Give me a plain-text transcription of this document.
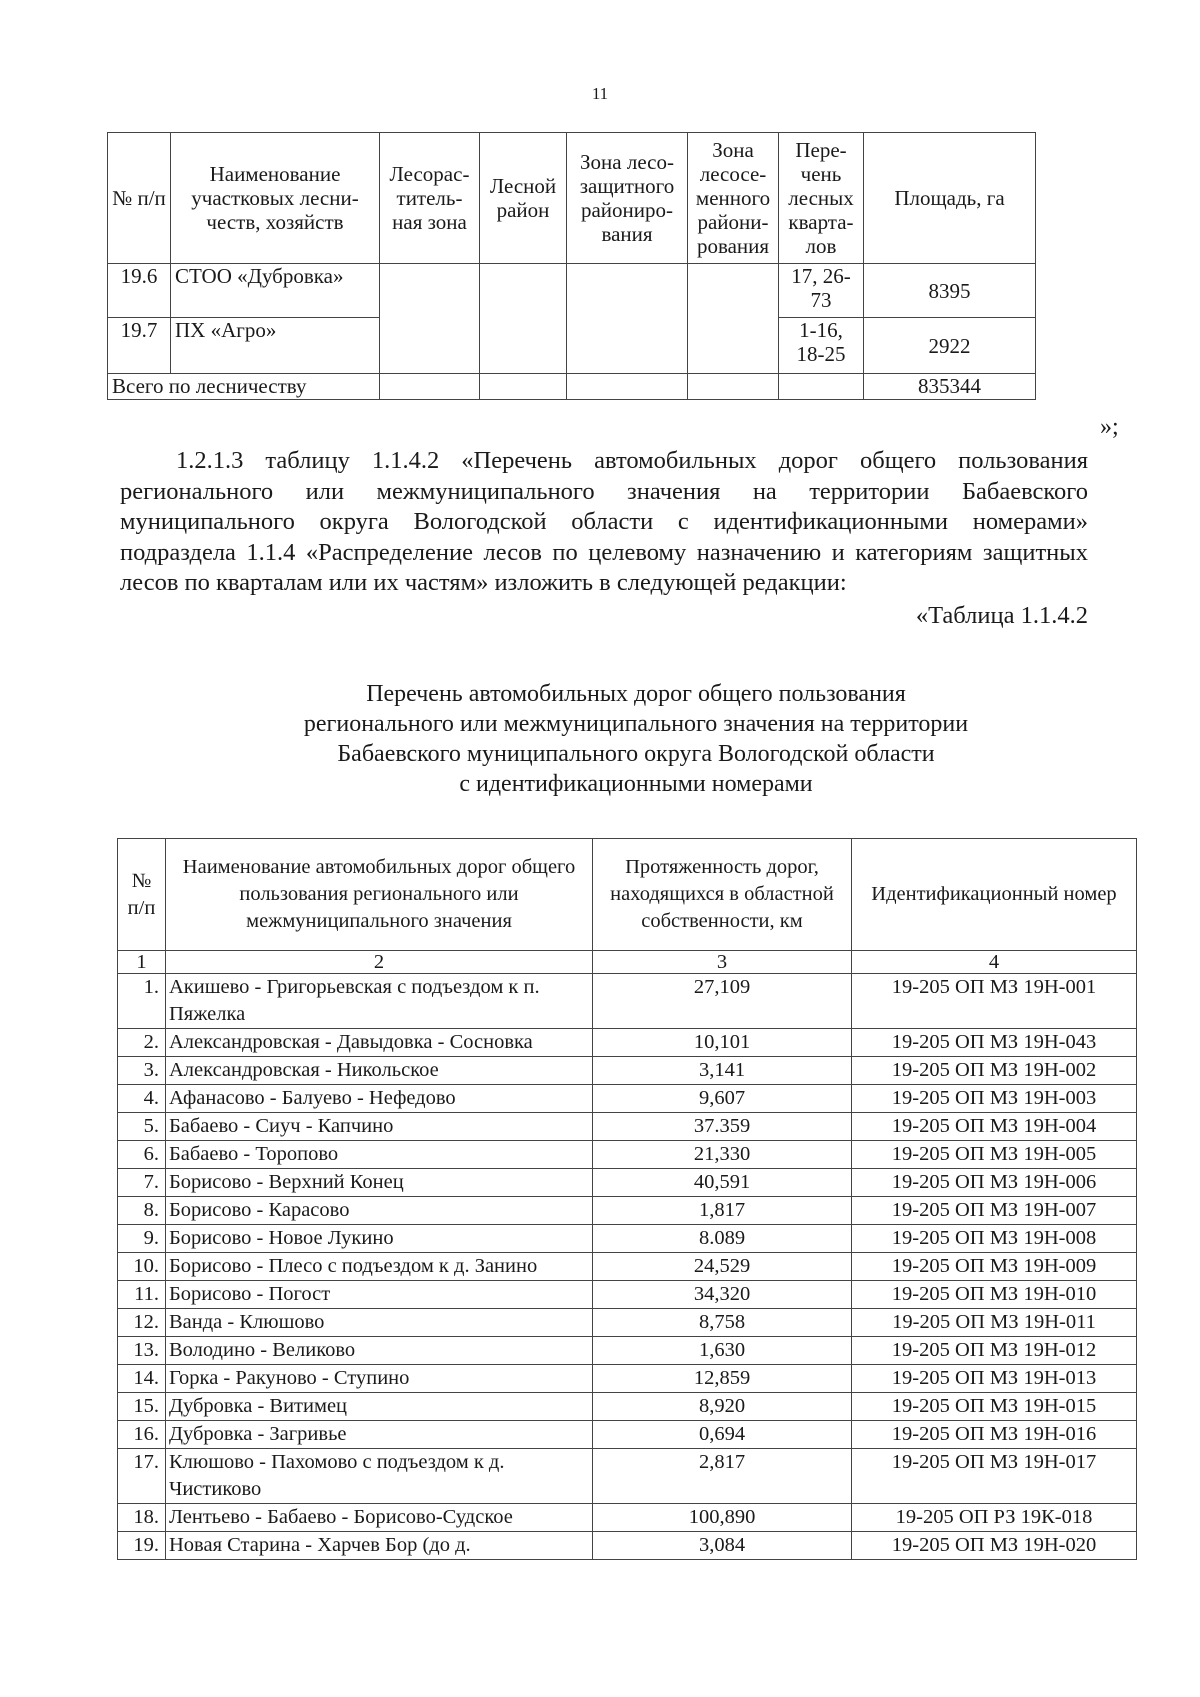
11
№ п/п	Наименование участковых лесни-честв, хозяйств	Лесорас-титель-ная зона	Лесной район	Зона лесо-защитного райониро-вания	Зона лесосе-менного райони-рования	Пере-чень лесных кварта-лов	Площадь, га
19.6	СТОО «Дубровка»					17, 26-73	8395
19.7	ПХ «Агро»					1-16, 18-25	2922
Всего по лесничеству							835344
»;
1.2.1.3 таблицу 1.1.4.2 «Перечень автомобильных дорог общего пользования регионального или межмуниципального значения на территории Бабаевского муниципального округа Вологодской области с идентификационными номерами» подраздела 1.1.4 «Распределение лесов по целевому назначению и категориям защитных лесов по кварталам или их частям» изложить в следующей редакции:
«Таблица 1.1.4.2
Перечень автомобильных дорог общего пользования
регионального или межмуниципального значения на территории
Бабаевского муниципального округа Вологодской области
с идентификационными номерами
№ п/п	Наименование автомобильных дорог общего пользования регионального или межмуниципального значения	Протяженность дорог, находящихся в областной собственности, км	Идентификационный номер
1	2	3	4
1.	Акишево - Григорьевская с подъездом к п. Пяжелка	27,109	19-205 ОП МЗ 19Н-001
2.	Александровская - Давыдовка - Сосновка	10,101	19-205 ОП МЗ 19Н-043
3.	Александровская - Никольское	3,141	19-205 ОП МЗ 19Н-002
4.	Афанасово - Балуево - Нефедово	9,607	19-205 ОП МЗ 19Н-003
5.	Бабаево - Сиуч - Капчино	37.359	19-205 ОП МЗ 19Н-004
6.	Бабаево - Торопово	21,330	19-205 ОП МЗ 19Н-005
7.	Борисово - Верхний Конец	40,591	19-205 ОП МЗ 19Н-006
8.	Борисово - Карасово	1,817	19-205 ОП МЗ 19Н-007
9.	Борисово - Новое Лукино	8.089	19-205 ОП МЗ 19Н-008
10.	Борисово - Плесо с подъездом к д. Занино	24,529	19-205 ОП МЗ 19Н-009
11.	Борисово - Погост	34,320	19-205 ОП МЗ 19Н-010
12.	Ванда - Клюшово	8,758	19-205 ОП МЗ 19Н-011
13.	Володино - Великово	1,630	19-205 ОП МЗ 19Н-012
14.	Горка - Ракуново - Ступино	12,859	19-205 ОП МЗ 19Н-013
15.	Дубровка - Витимец	8,920	19-205 ОП МЗ 19Н-015
16.	Дубровка - Загривье	0,694	19-205 ОП МЗ 19Н-016
17.	Клюшово - Пахомово с подъездом к д. Чистиково	2,817	19-205 ОП МЗ 19Н-017
18.	Лентьево - Бабаево - Борисово-Судское	100,890	19-205 ОП РЗ 19К-018
19.	Новая Старина - Харчев Бор (до д.	3,084	19-205 ОП МЗ 19Н-020
